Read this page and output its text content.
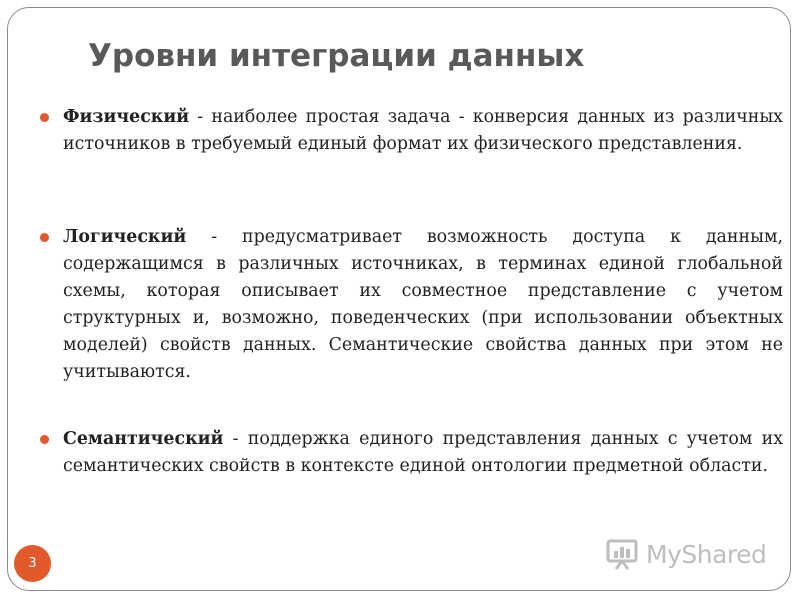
Уровни интеграции данных
Физический - наиболее простая задача - конверсия данных из различных источников в требуемый единый формат их физического представления.
Логический - предусматривает возможность доступа к данным, содержащимся в различных источниках, в терминах единой глобальной схемы, которая описывает их совместное представление с учетом структурных и, возможно, поведенческих (при использовании объектных моделей) свойств данных. Семантические свойства данных при этом не учитываются.
Семантический - поддержка единого представления данных с учетом их семантических свойств в контексте единой онтологии предметной области.
3	MyShared
